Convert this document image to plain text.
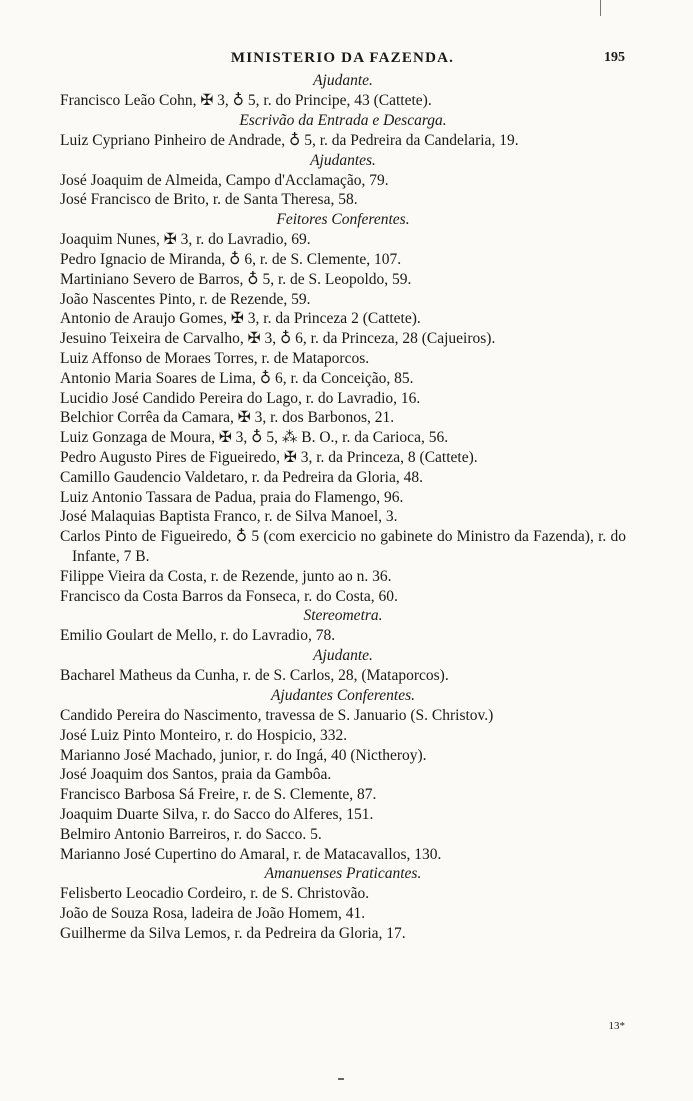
MINISTERIO DA FAZENDA.	195
Ajudante.
Francisco Leão Cohn, ✠ 3, ♁ 5, r. do Principe, 43 (Cattete).
Escrivão da Entrada e Descarga.
Luiz Cypriano Pinheiro de Andrade, ♁ 5, r. da Pedreira da Candelaria, 19.
Ajudantes.
José Joaquim de Almeida, Campo d'Acclamação, 79.
José Francisco de Brito, r. de Santa Theresa, 58.
Feitores Conferentes.
Joaquim Nunes, ✠ 3, r. do Lavradio, 69.
Pedro Ignacio de Miranda, ♁ 6, r. de S. Clemente, 107.
Martiniano Severo de Barros, ♁ 5, r. de S. Leopoldo, 59.
João Nascentes Pinto, r. de Rezende, 59.
Antonio de Araujo Gomes, ✠ 3, r. da Princeza 2 (Cattete).
Jesuino Teixeira de Carvalho, ✠ 3, ♁ 6, r. da Princeza, 28 (Cajueiros).
Luiz Affonso de Moraes Torres, r. de Mataporcos.
Antonio Maria Soares de Lima, ♁ 6, r. da Conceição, 85.
Lucidio José Candido Pereira do Lago, r. do Lavradio, 16.
Belchior Corrêa da Camara, ✠ 3, r. dos Barbonos, 21.
Luiz Gonzaga de Moura, ✠ 3, ♁ 5, ⁂ B. O., r. da Carioca, 56.
Pedro Augusto Pires de Figueiredo, ✠ 3, r. da Princeza, 8 (Cattete).
Camillo Gaudencio Valdetaro, r. da Pedreira da Gloria, 48.
Luiz Antonio Tassara de Padua, praia do Flamengo, 96.
José Malaquias Baptista Franco, r. de Silva Manoel, 3.
Carlos Pinto de Figueiredo, ♁ 5 (com exercicio no gabinete do Ministro da Fazenda), r. do Infante, 7 B.
Filippe Vieira da Costa, r. de Rezende, junto ao n. 36.
Francisco da Costa Barros da Fonseca, r. do Costa, 60.
Stereometra.
Emilio Goulart de Mello, r. do Lavradio, 78.
Ajudante.
Bacharel Matheus da Cunha, r. de S. Carlos, 28, (Mataporcos).
Ajudantes Conferentes.
Candido Pereira do Nascimento, travessa de S. Januario (S. Christov.)
José Luiz Pinto Monteiro, r. do Hospicio, 332.
Marianno José Machado, junior, r. do Ingá, 40 (Nictheroy).
José Joaquim dos Santos, praia da Gambôa.
Francisco Barbosa Sá Freire, r. de S. Clemente, 87.
Joaquim Duarte Silva, r. do Sacco do Alferes, 151.
Belmiro Antonio Barreiros, r. do Sacco. 5.
Marianno José Cupertino do Amaral, r. de Matacavallos, 130.
Amanuenses Praticantes.
Felisberto Leocadio Cordeiro, r. de S. Christovão.
João de Souza Rosa, ladeira de João Homem, 41.
Guilherme da Silva Lemos, r. da Pedreira da Gloria, 17.
13*
